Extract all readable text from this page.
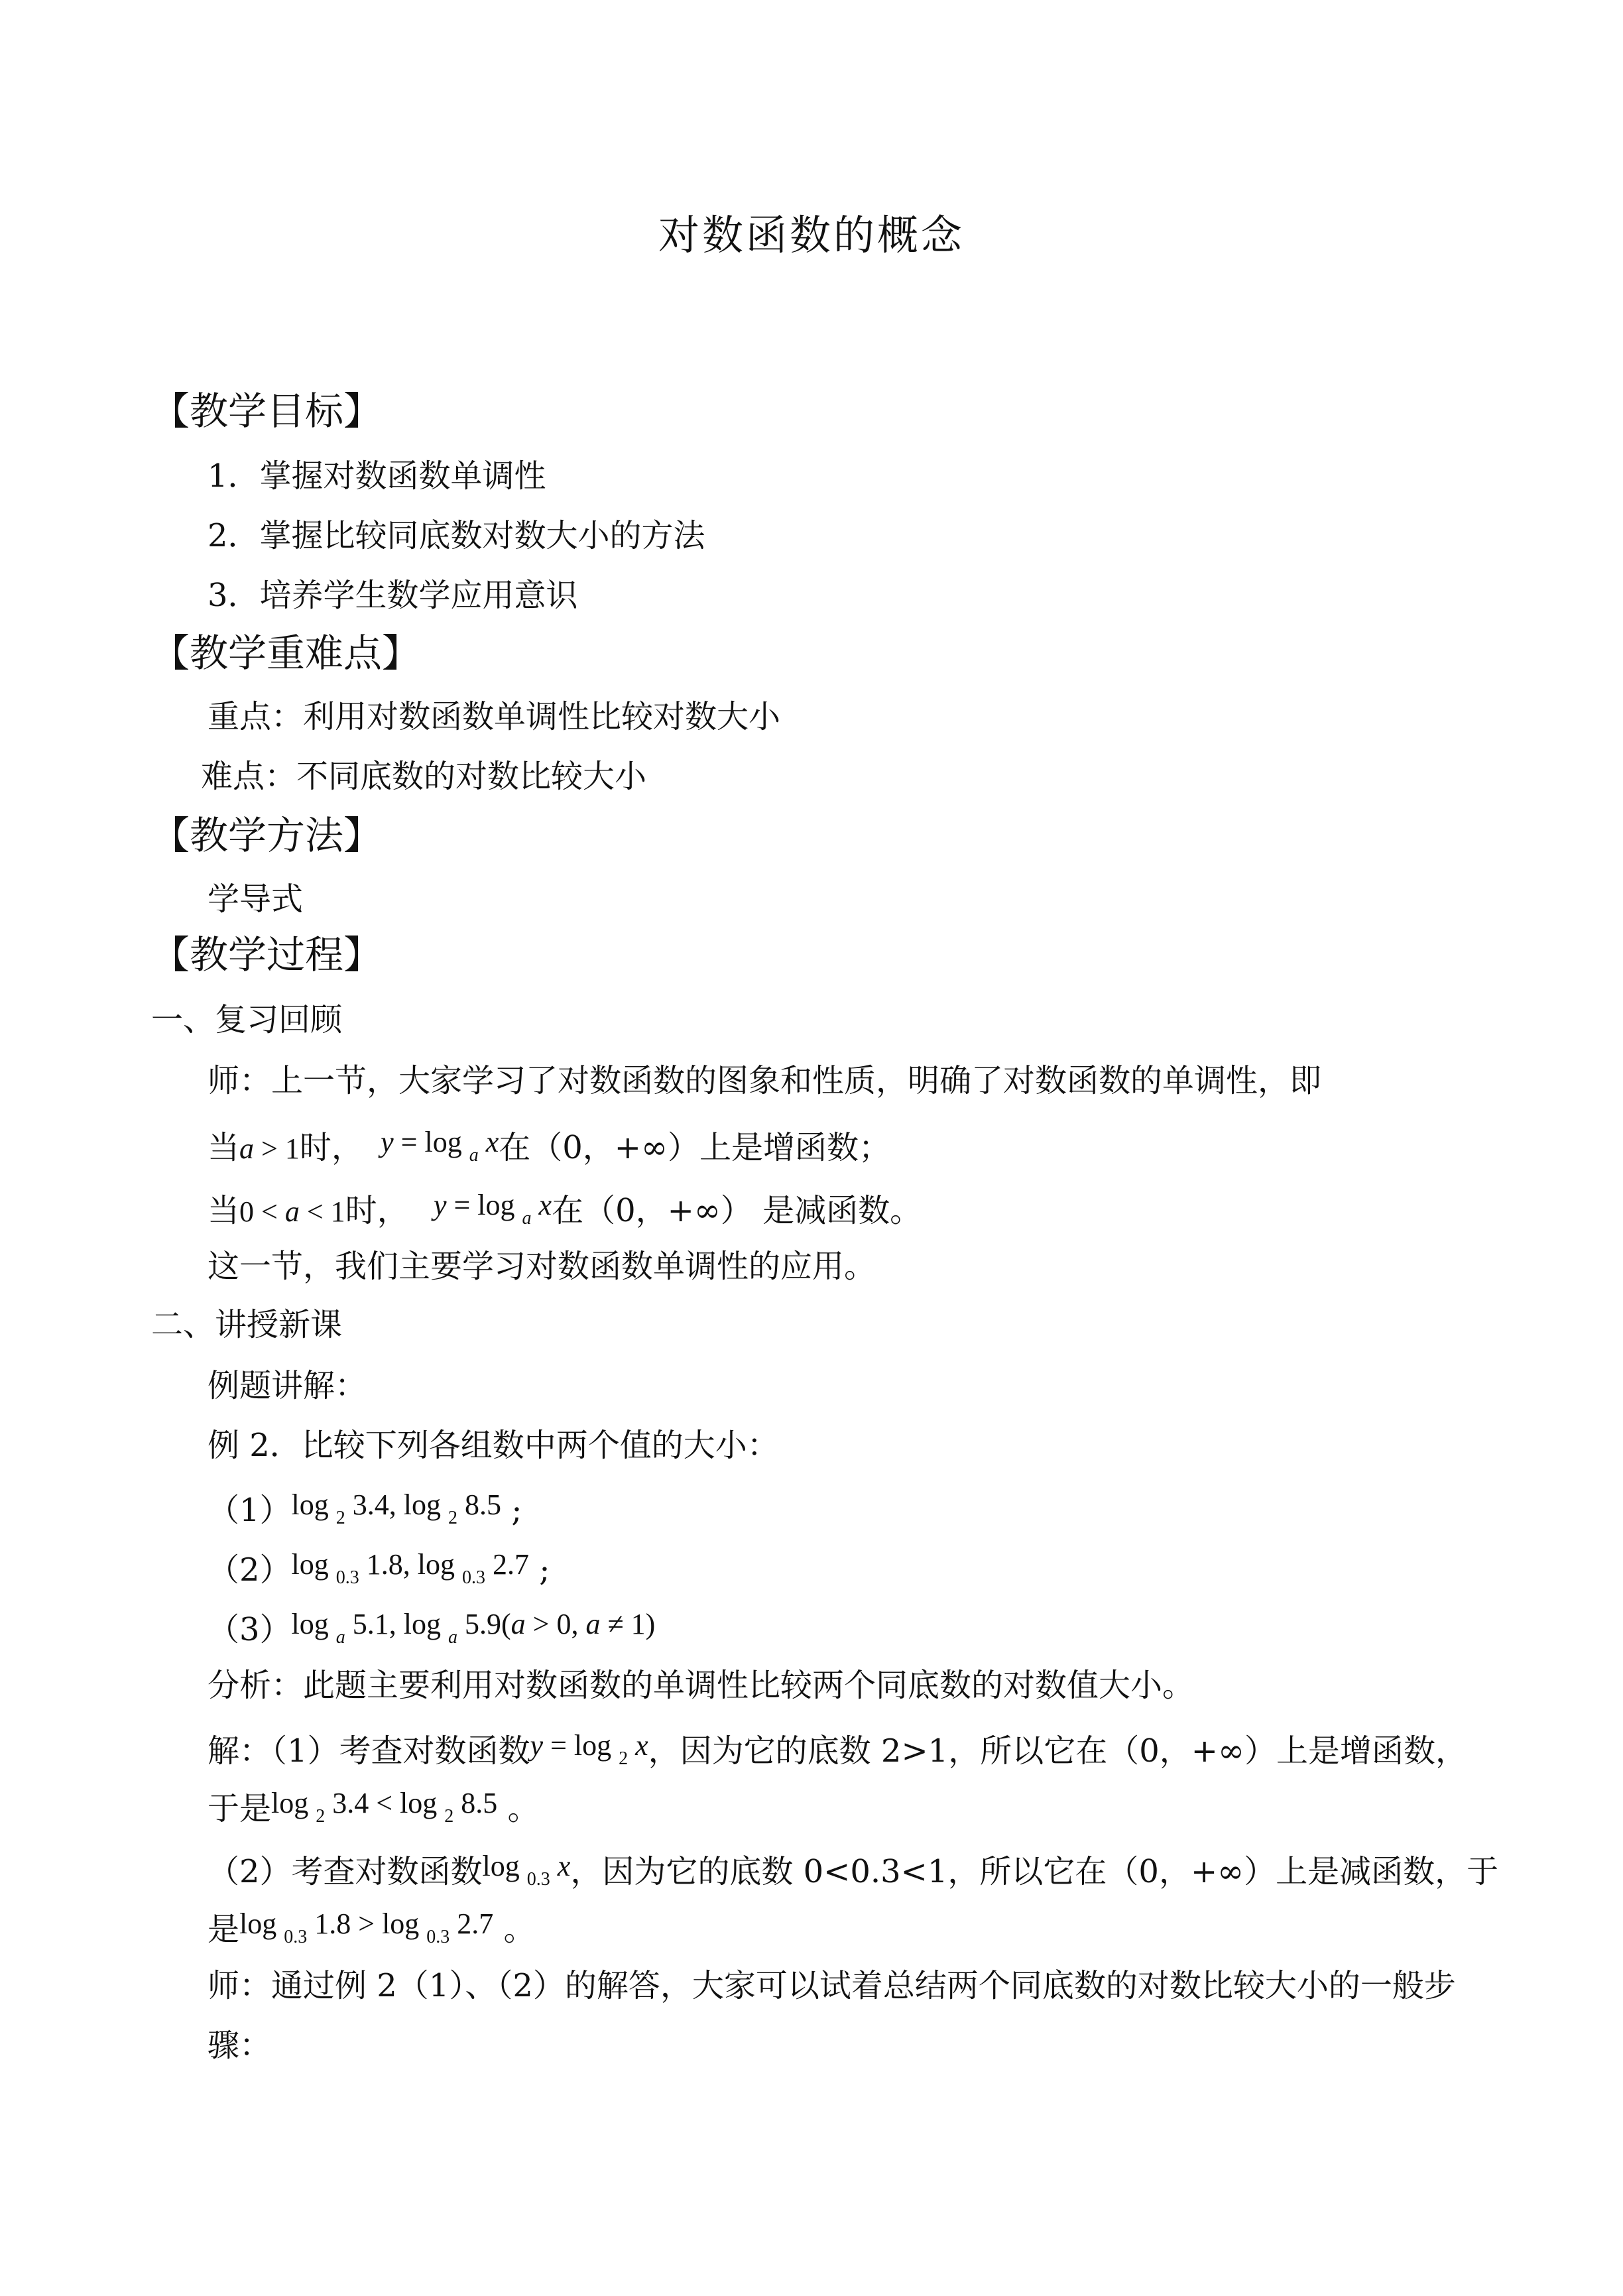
对数函数的概念
【教学目标】
1．掌握对数函数单调性
2．掌握比较同底数对数大小的方法
3．培养学生数学应用意识
【教学重难点】
重点：利用对数函数单调性比较对数大小
难点：不同底数的对数比较大小
【教学方法】
学导式
【教学过程】
一、复习回顾
师：上一节，大家学习了对数函数的图象和性质，明确了对数函数的单调性，即
当a > 1时， y = log $_a$ x在（0，+∞）上是增函数；
当0 < a < 1时， y = log $_a$ x在（0，+∞） 是减函数。
这一节，我们主要学习对数函数单调性的应用。
二、讲授新课
例题讲解：
例 2．比较下列各组数中两个值的大小：
（1）log $_2$ 3.4, log $_2$ 8.5 ;
（2）log $_{0.3}$ 1.8, log $_{0.3}$ 2.7 ;
（3）log $_a$ 5.1, log $_a$ 5.9(a > 0, a ≠ 1)
分析：此题主要利用对数函数的单调性比较两个同底数的对数值大小。
解：（1）考查对数函数y = log $_2$ x，因为它的底数 2>1，所以它在（0，+∞）上是增函数，
于是log $_2$ 3.4 < log $_2$ 8.5 。
（2）考查对数函数log $_{0.3}$ x，因为它的底数 0<0.3<1，所以它在（0，+∞）上是减函数，于
是log $_{0.3}$ 1.8 > log $_{0.3}$ 2.7 。
师：通过例 2（1）、（2）的解答，大家可以试着总结两个同底数的对数比较大小的一般步
骤：
